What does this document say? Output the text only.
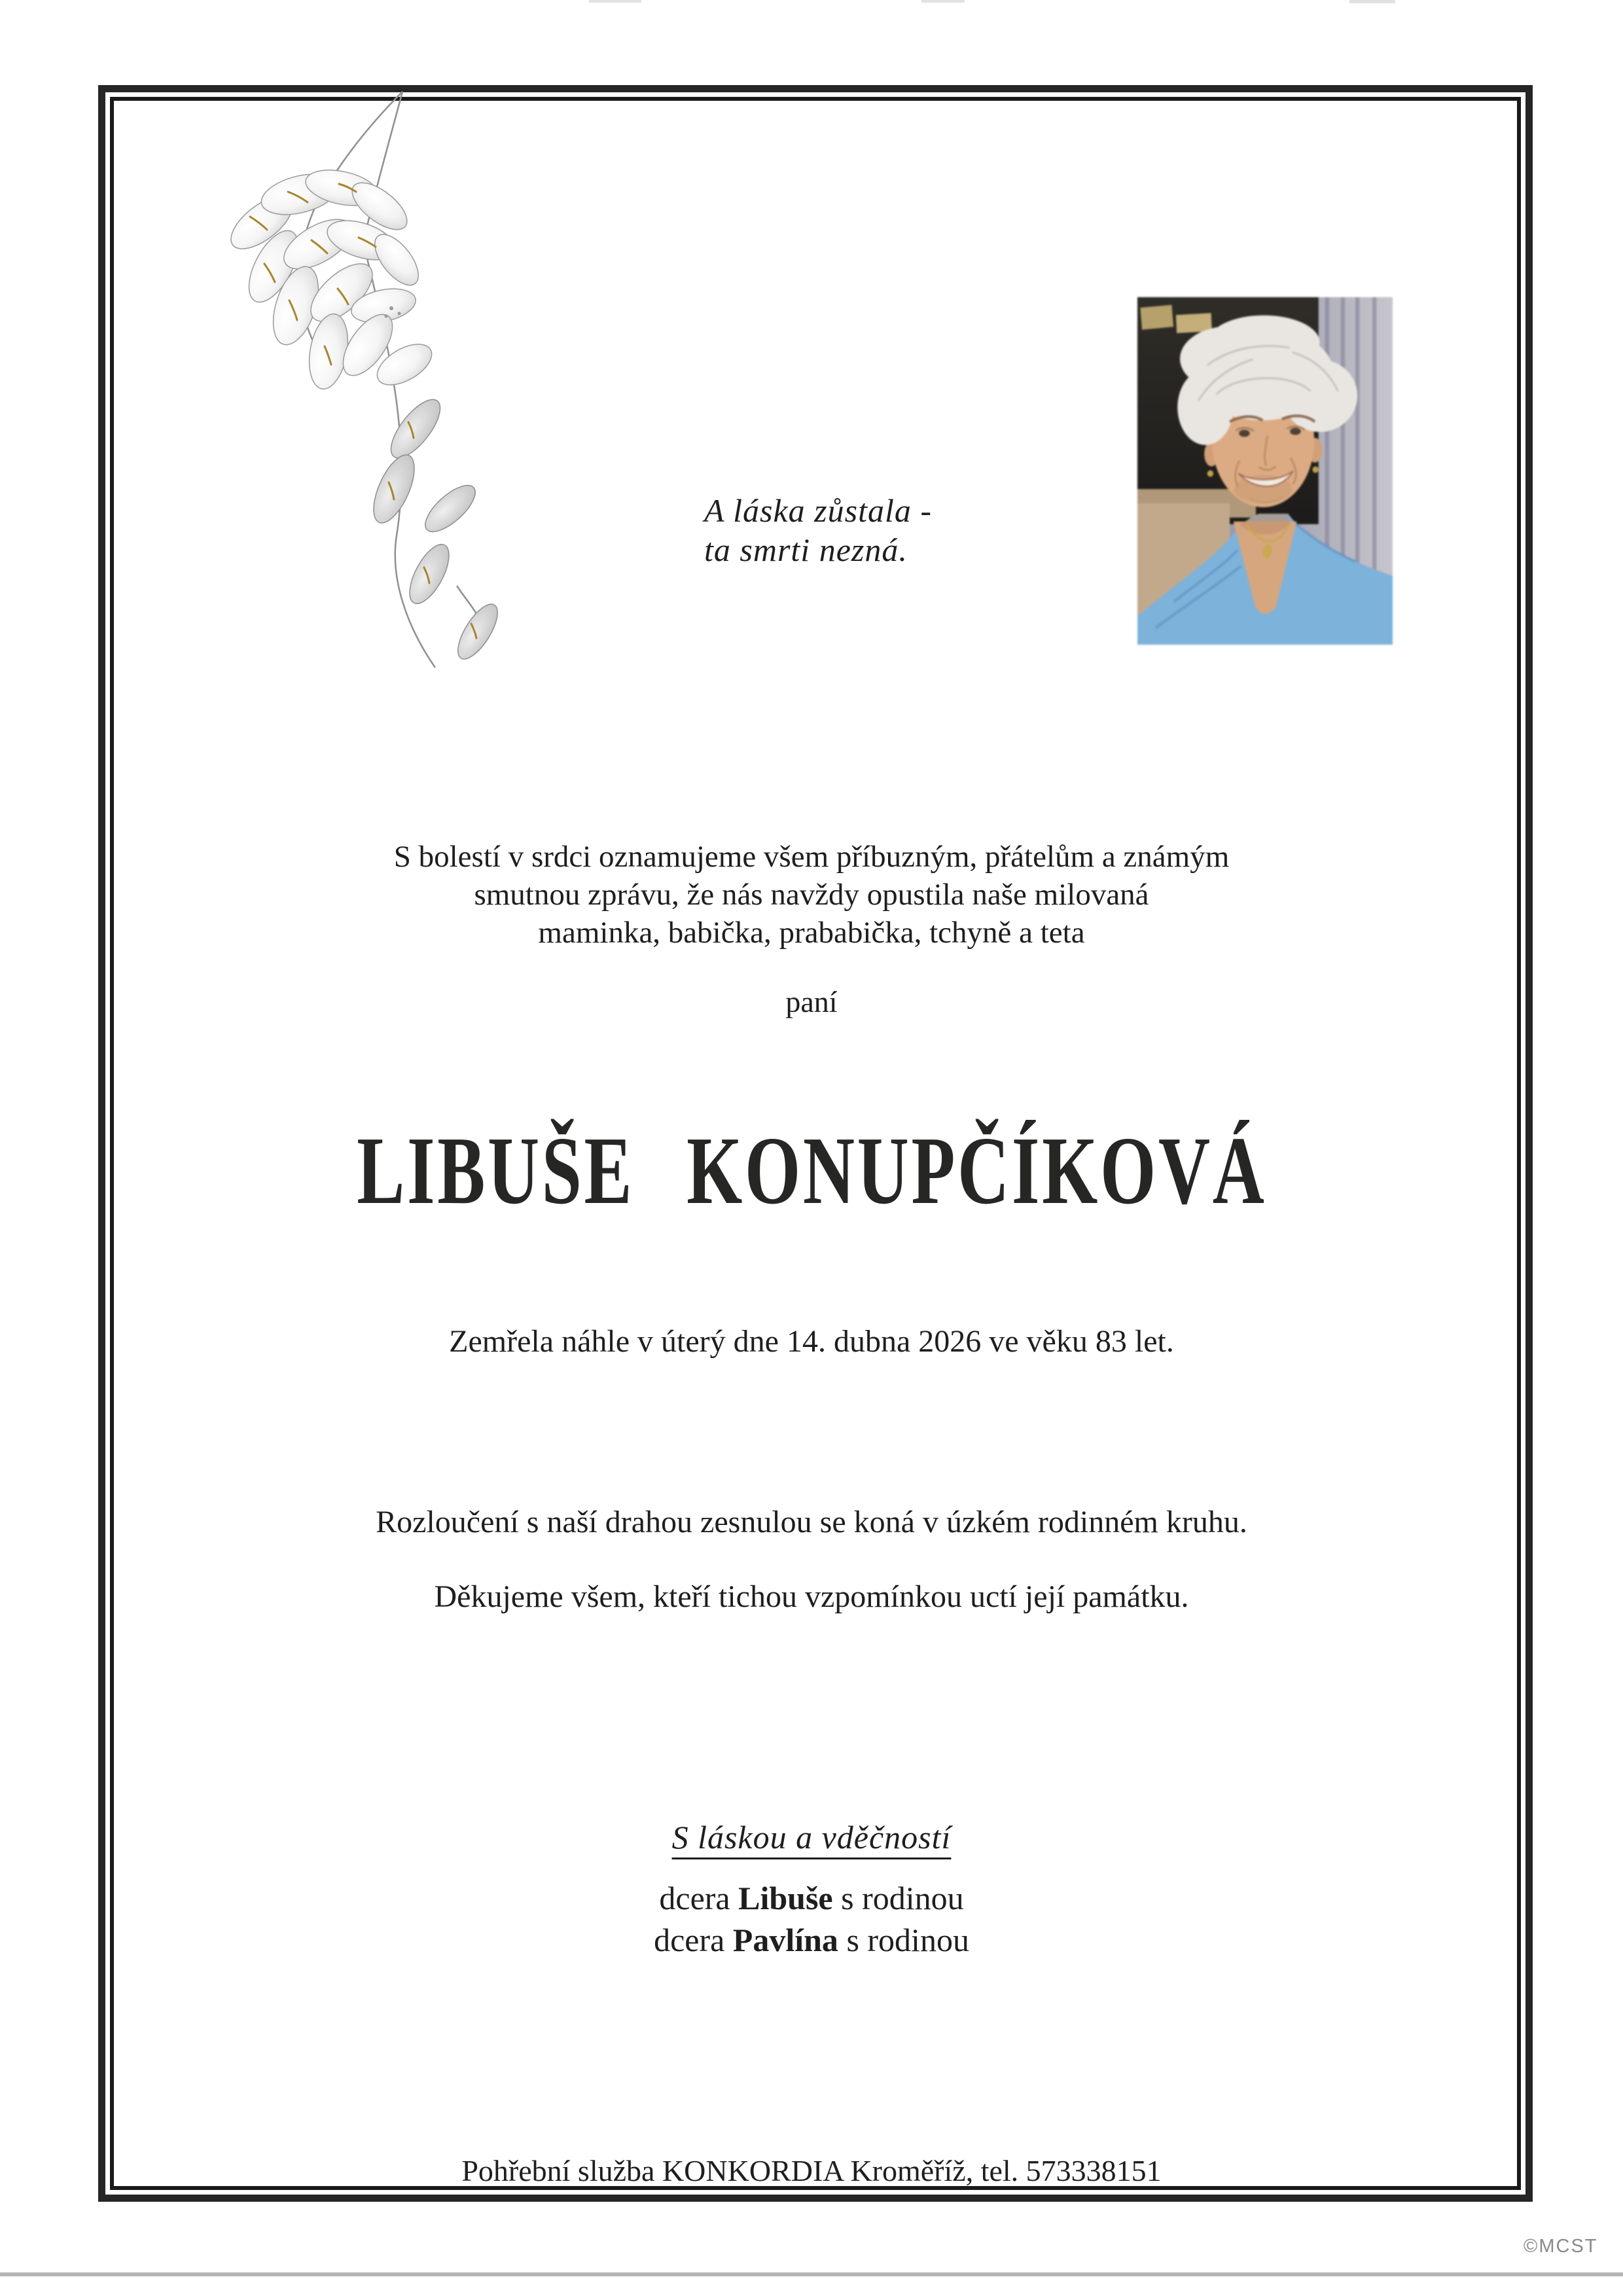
A láska zůstala -
ta smrti nezná.
S bolestí v srdci oznamujeme všem příbuzným, přátelům a známým
smutnou zprávu, že nás navždy opustila naše milovaná
maminka, babička, prababička, tchyně a teta
paní
LIBUŠE KONUPČÍKOVÁ
Zemřela náhle v úterý dne 14. dubna 2026 ve věku 83 let.
Rozloučení s naší drahou zesnulou se koná v úzkém rodinném kruhu.
Děkujeme všem, kteří tichou vzpomínkou uctí její památku.
S láskou a vděčností
dcera Libuše s rodinou
dcera Pavlína s rodinou
Pohřební služba KONKORDIA Kroměříž, tel. 573338151
©MCST
